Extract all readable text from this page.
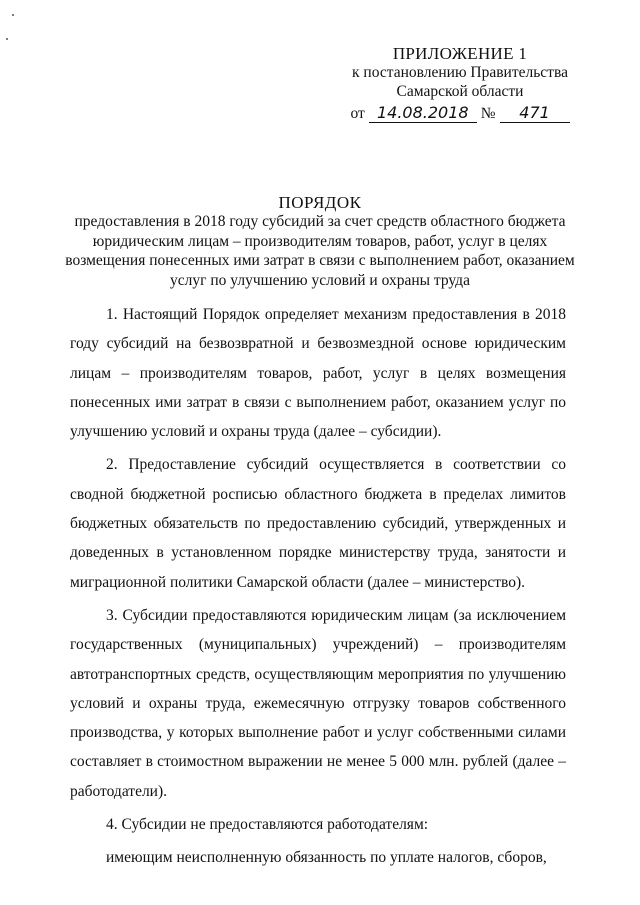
ПРИЛОЖЕНИЕ 1
к постановлению Правительства
Самарской области
от 14.08.2018 №	471
ПОРЯДОК
предоставления в 2018 году субсидий за счет средств областного бюджета юридическим лицам – производителям товаров, работ, услуг в целях возмещения понесенных ими затрат в связи с выполнением работ, оказанием услуг по улучшению условий и охраны труда

1. Настоящий Порядок определяет механизм предоставления в 2018 году субсидий на безвозвратной и безвозмездной основе юридическим лицам – производителям товаров, работ, услуг в целях возмещения понесенных ими затрат в связи с выполнением работ, оказанием услуг по улучшению условий и охраны труда (далее – субсидии).

2. Предоставление субсидий осуществляется в соответствии со сводной бюджетной росписью областного бюджета в пределах лимитов бюджетных обязательств по предоставлению субсидий, утвержденных и доведенных в установленном порядке министерству труда, занятости и миграционной политики Самарской области (далее – министерство).

3. Субсидии предоставляются юридическим лицам (за исключением государственных (муниципальных) учреждений) – производителям автотранспортных средств, осуществляющим мероприятия по улучшению условий и охраны труда, ежемесячную отгрузку товаров собственного производства, у которых выполнение работ и услуг собственными силами составляет в стоимостном выражении не менее 5 000 млн. рублей (далее – работодатели).

4. Субсидии не предоставляются работодателям:

имеющим неисполненную обязанность по уплате налогов, сборов,
